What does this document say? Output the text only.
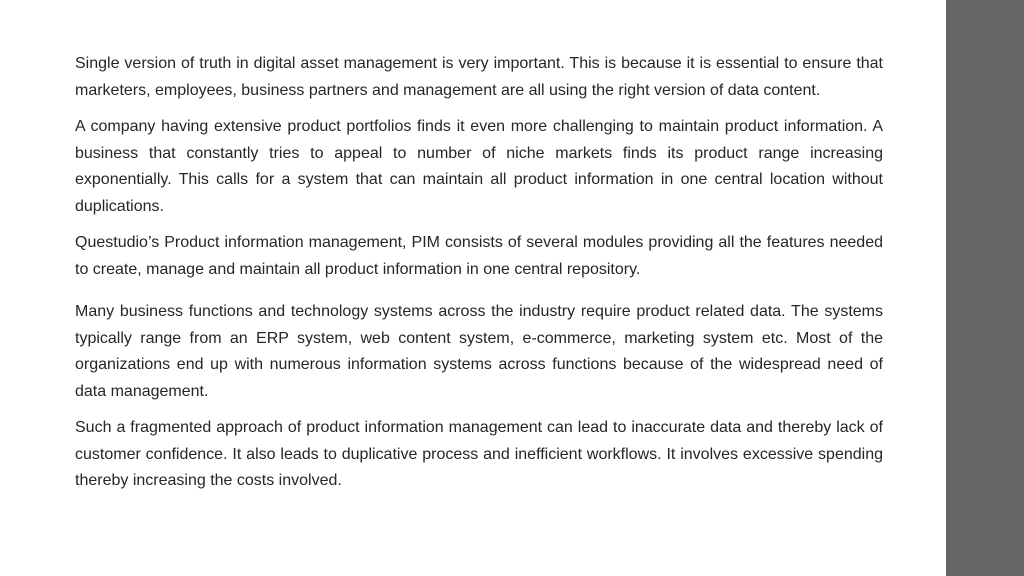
Single version of truth in digital asset management is very important. This is because it is essential to ensure that marketers, employees, business partners and management are all using the right version of data content.

A company having extensive product portfolios finds it even more challenging to maintain product information. A business that constantly tries to appeal to number of niche markets finds its product range increasing exponentially. This calls for a system that can maintain all product information in one central location without duplications.

Questudio’s Product information management, PIM consists of several modules providing all the features needed to create, manage and maintain all product information in one central repository.

Many business functions and technology systems across the industry require product related data. The systems typically range from an ERP system, web content system, e-commerce, marketing system etc. Most of the organizations end up with numerous information systems across functions because of the widespread need of data management.

Such a fragmented approach of product information management can lead to inaccurate data and thereby lack of customer confidence. It also leads to duplicative process and inefficient workflows. It involves excessive spending thereby increasing the costs involved.
